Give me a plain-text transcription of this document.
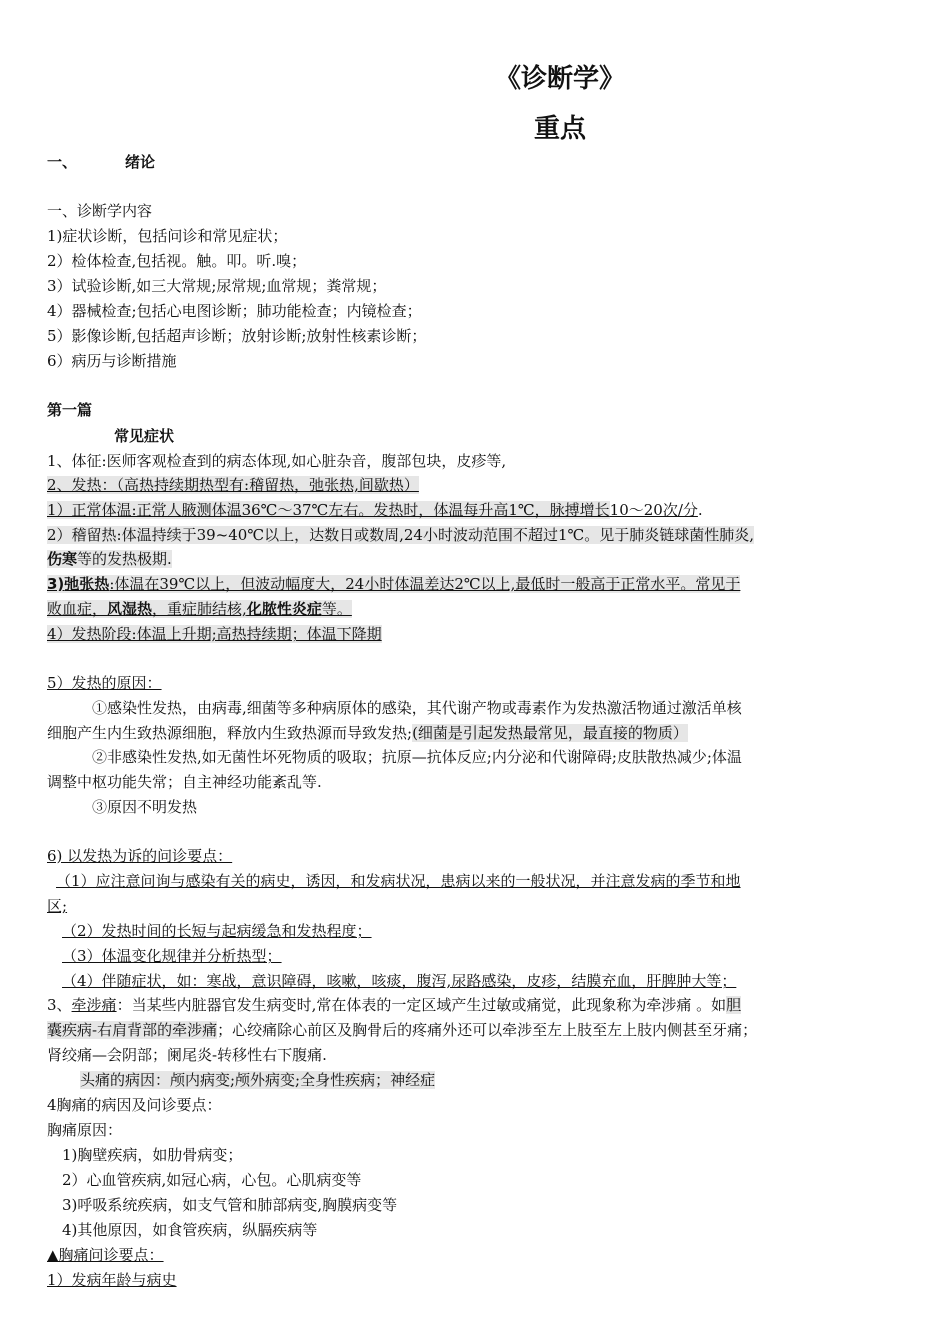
《诊断学》
重点
一、	绪论
一、诊断学内容
1)症状诊断，包括问诊和常见症状；
2）检体检查,包括视。触。叩。听.嗅；
3）试验诊断,如三大常规;尿常规;血常规；粪常规；
4）器械检查;包括心电图诊断；肺功能检查；内镜检查；
5）影像诊断,包括超声诊断；放射诊断;放射性核素诊断；
6）病历与诊断措施
第一篇
常见症状
1、体征:医师客观检查到的病态体现,如心脏杂音，腹部包块，皮疹等,
2、发热：（高热持续期热型有:稽留热，弛张热,间歇热）
1）正常体温:正常人腋测体温36℃～37℃左右。发热时，体温每升高1℃，脉搏增长10～20次/分.
2）稽留热:体温持续于39~40℃以上，达数日或数周,24小时波动范围不超过1℃。见于肺炎链球菌性肺炎,
伤寒等的发热极期.
3)弛张热:体温在39℃以上，但波动幅度大，24小时体温差达2℃以上,最低时一般高于正常水平。常见于
败血症，风湿热，重症肺结核,化脓性炎症等。
4）发热阶段:体温上升期;高热持续期；体温下降期
5）发热的原因：
①感染性发热，由病毒,细菌等多种病原体的感染，其代谢产物或毒素作为发热激活物通过激活单核
细胞产生内生致热源细胞，释放内生致热源而导致发热;(细菌是引起发热最常见，最直接的物质）
②非感染性发热,如无菌性坏死物质的吸取；抗原—抗体反应;内分泌和代谢障碍;皮肤散热减少;体温
调整中枢功能失常；自主神经功能紊乱等.
③原因不明发热
6) 以发热为诉的问诊要点：
（1）应注意问询与感染有关的病史，诱因，和发病状况，患病以来的一般状况，并注意发病的季节和地
区;
（2）发热时间的长短与起病缓急和发热程度；
（3）体温变化规律并分析热型；
（4）伴随症状，如：寒战，意识障碍，咳嗽，咳痰，腹泻,尿路感染，皮疹，结膜充血，肝脾肿大等；
3、牵涉痛：当某些内脏器官发生病变时,常在体表的一定区域产生过敏或痛觉，此现象称为牵涉痛 。如胆
囊疾病-右肩背部的牵涉痛；心绞痛除心前区及胸骨后的疼痛外还可以牵涉至左上肢至左上肢内侧甚至牙痛；
肾绞痛—会阴部；阑尾炎-转移性右下腹痛.
头痛的病因：颅内病变;颅外病变;全身性疾病；神经症
4胸痛的病因及问诊要点：
胸痛原因：
1)胸壁疾病，如肋骨病变；
2）心血管疾病,如冠心病，心包。心肌病变等
3)呼吸系统疾病，如支气管和肺部病变,胸膜病变等
4)其他原因，如食管疾病，纵膈疾病等
▲胸痛问诊要点：
1）发病年龄与病史
